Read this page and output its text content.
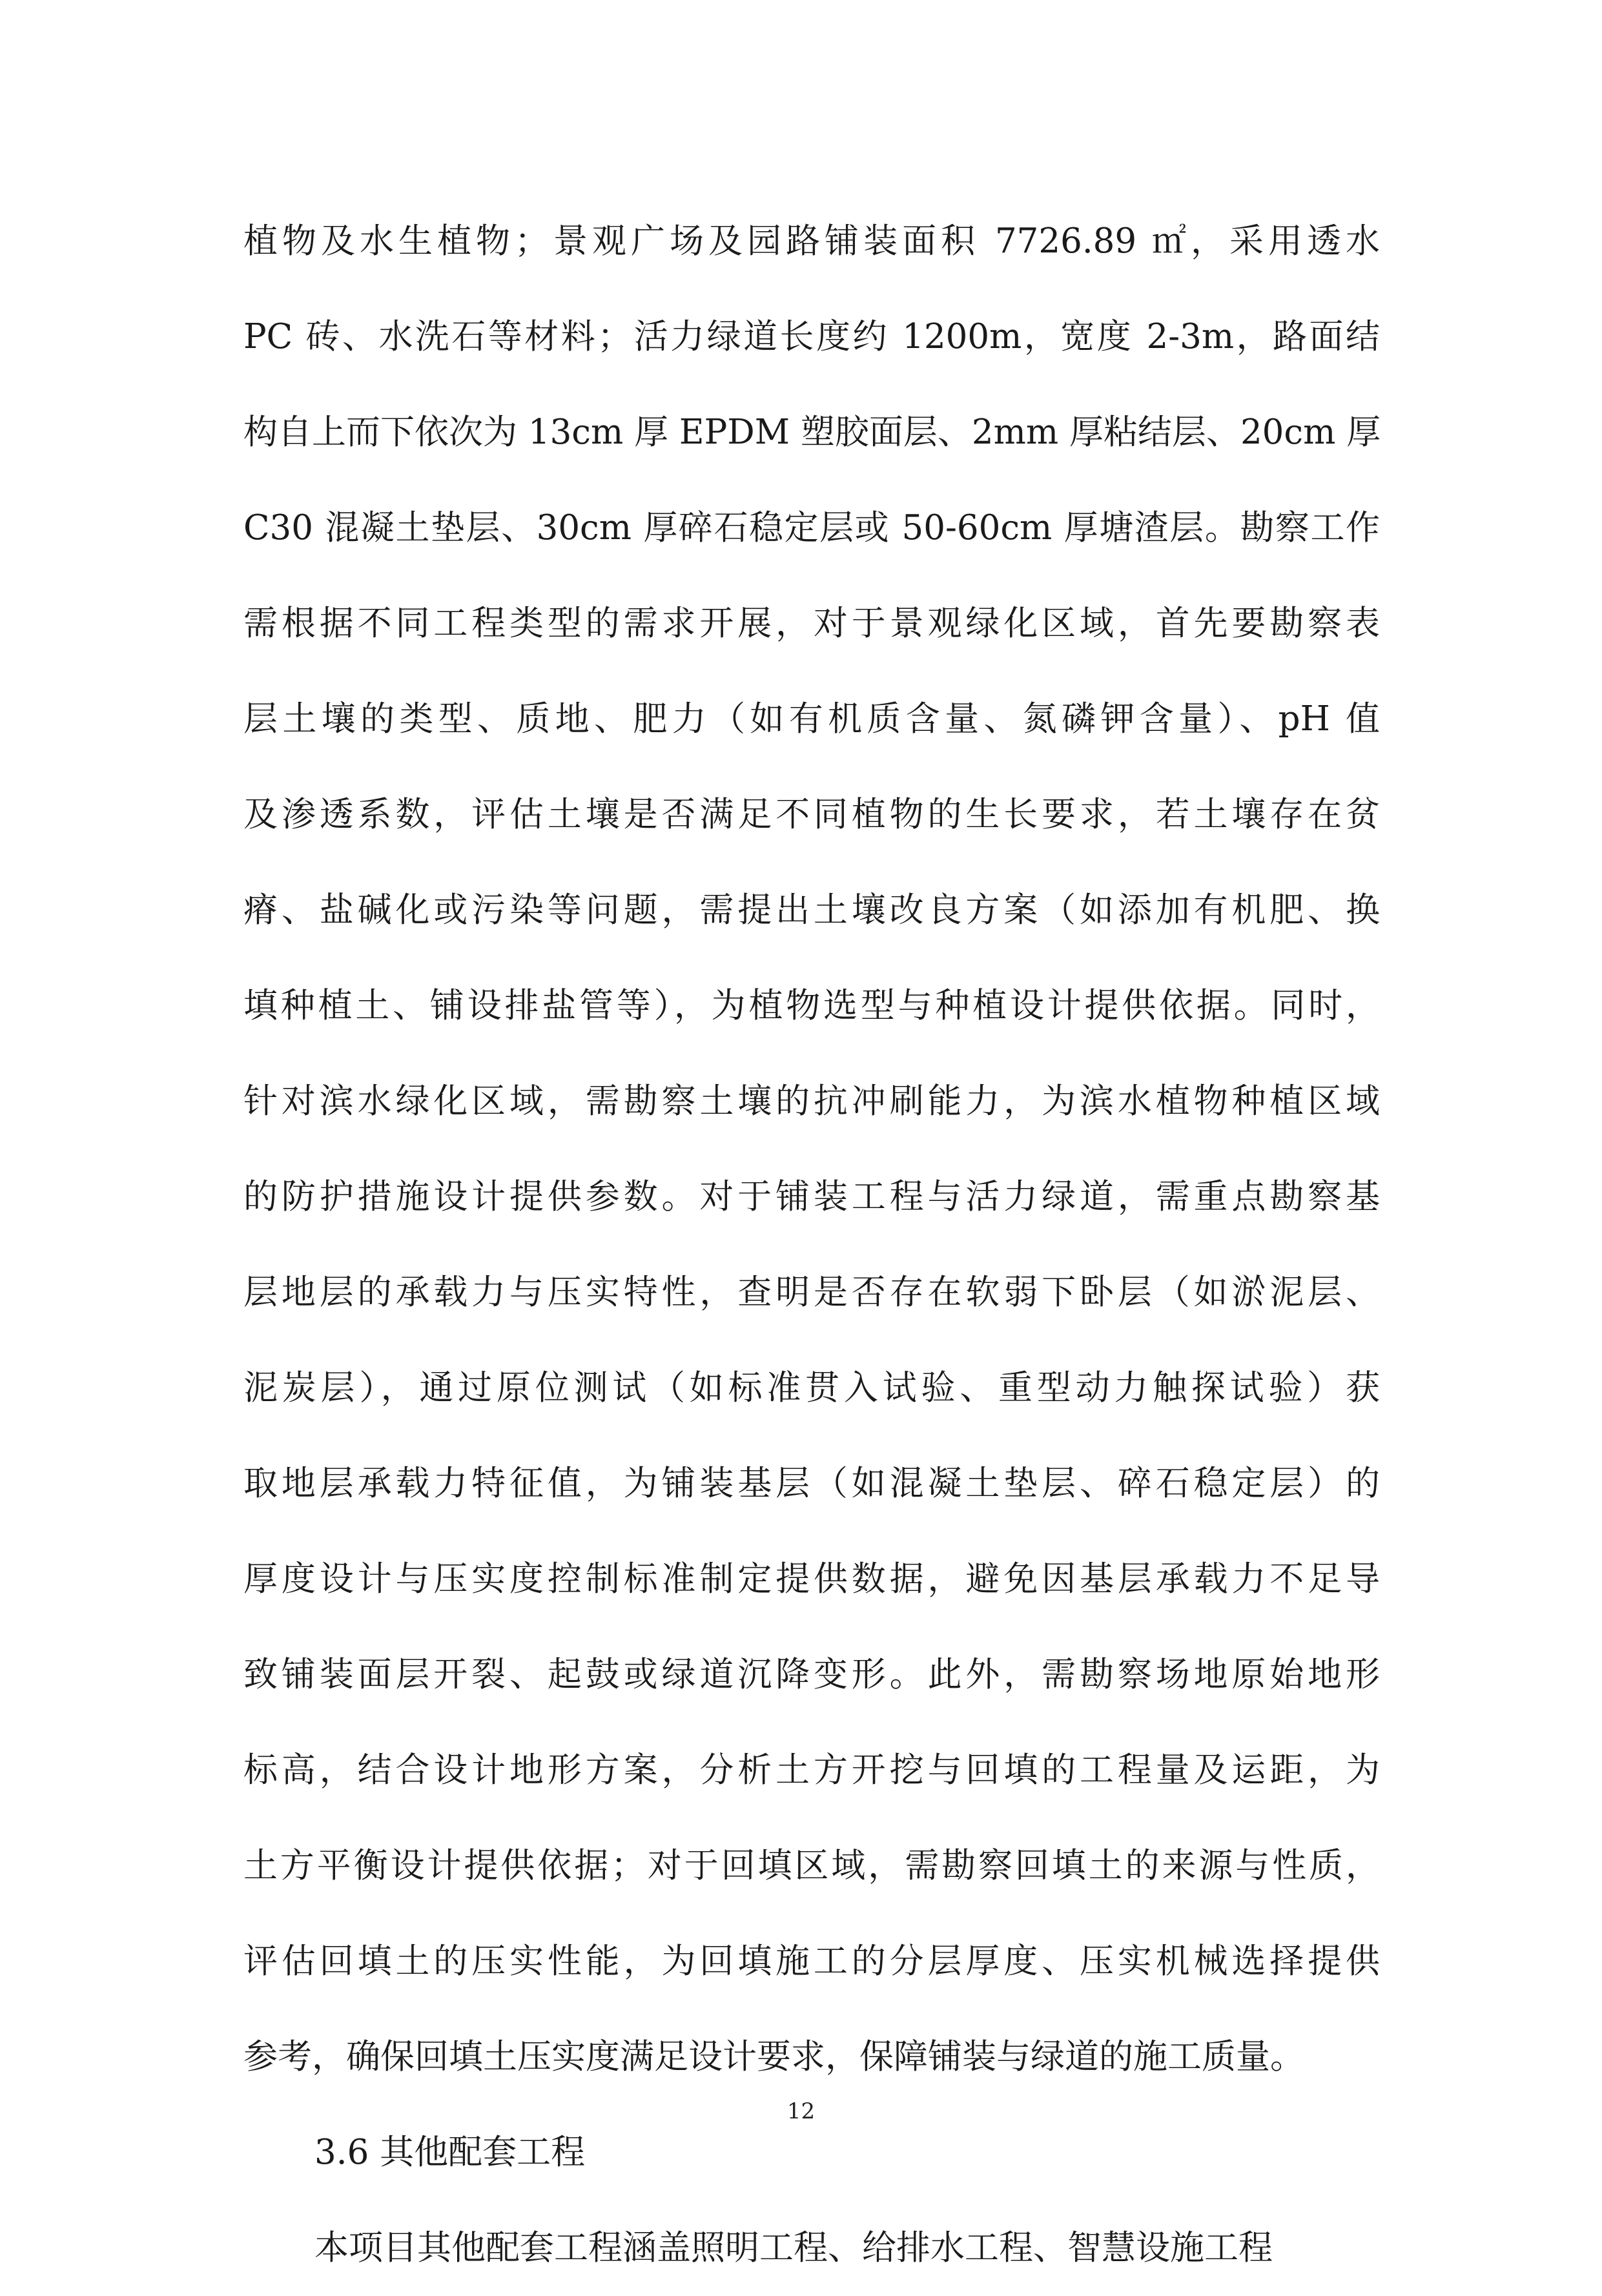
植物及水生植物；景观广场及园路铺装面积 7726.89 ㎡，采用透水
PC 砖、水洗石等材料；活力绿道长度约 1200m，宽度 2-3m，路面结
构自上而下依次为 13cm 厚 EPDM 塑胶面层、2mm 厚粘结层、20cm 厚
C30 混凝土垫层、30cm 厚碎石稳定层或 50-60cm 厚塘渣层。勘察工作
需根据不同工程类型的需求开展，对于景观绿化区域，首先要勘察表
层土壤的类型、质地、肥力（如有机质含量、氮磷钾含量）、pH 值
及渗透系数，评估土壤是否满足不同植物的生长要求，若土壤存在贫
瘠、盐碱化或污染等问题，需提出土壤改良方案（如添加有机肥、换
填种植土、铺设排盐管等），为植物选型与种植设计提供依据。同时，
针对滨水绿化区域，需勘察土壤的抗冲刷能力，为滨水植物种植区域
的防护措施设计提供参数。对于铺装工程与活力绿道，需重点勘察基
层地层的承载力与压实特性，查明是否存在软弱下卧层（如淤泥层、
泥炭层），通过原位测试（如标准贯入试验、重型动力触探试验）获
取地层承载力特征值，为铺装基层（如混凝土垫层、碎石稳定层）的
厚度设计与压实度控制标准制定提供数据，避免因基层承载力不足导
致铺装面层开裂、起鼓或绿道沉降变形。此外，需勘察场地原始地形
标高，结合设计地形方案，分析土方开挖与回填的工程量及运距，为
土方平衡设计提供依据；对于回填区域，需勘察回填土的来源与性质，
评估回填土的压实性能，为回填施工的分层厚度、压实机械选择提供
参考，确保回填土压实度满足设计要求，保障铺装与绿道的施工质量。
3.6 其他配套工程
本项目其他配套工程涵盖照明工程、给排水工程、智慧设施工程
12
